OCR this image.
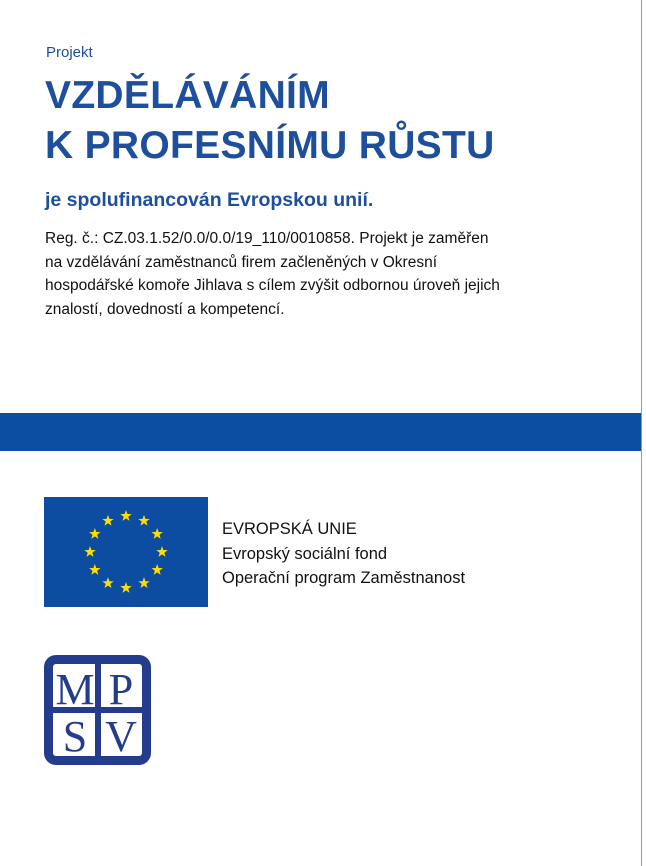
Projekt
VZDĚLÁVÁNÍM
K PROFESNÍMU RŮSTU
je spolufinancován Evropskou unií.
Reg. č.: CZ.03.1.52/0.0/0.0/19_110/0010858. Projekt je zaměřen
na vzdělávání zaměstnanců firem začleněných v Okresní
hospodářské komoře Jihlava s cílem zvýšit odbornou úroveň jejich
znalostí, dovedností a kompetencí.
EVROPSKÁ UNIE
Evropský sociální fond
Operační program Zaměstnanost
M P
S V
